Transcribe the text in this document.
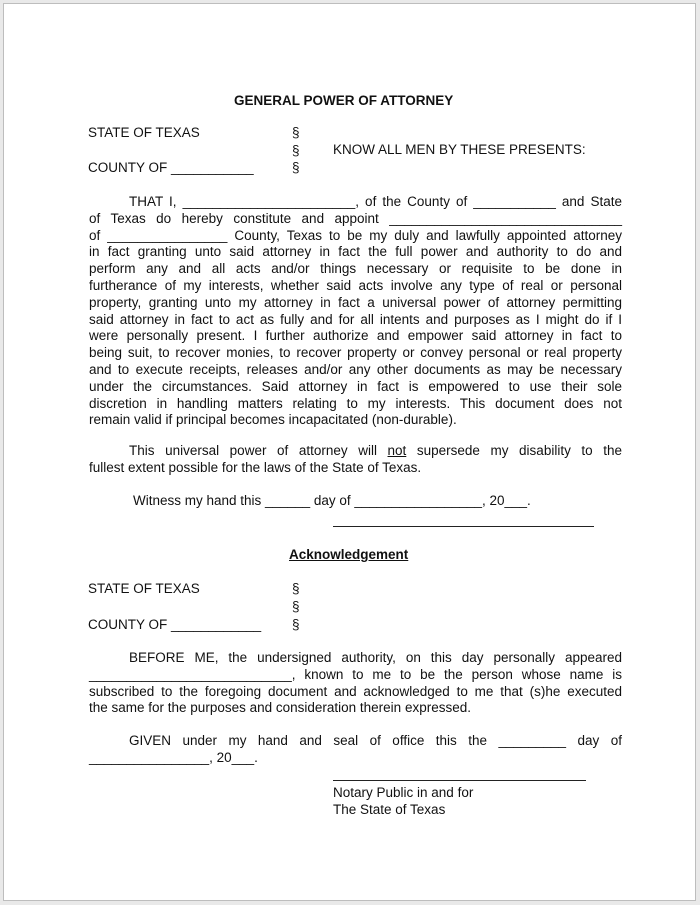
GENERAL POWER OF ATTORNEY
STATE OF TEXAS
COUNTY OF ___________
§
§
§
KNOW ALL MEN BY THESE PRESENTS:
THAT I, _______________________, of the County of ___________ and State
of Texas do hereby constitute and appoint _______________________________
of ________________ County, Texas to be my duly and lawfully appointed attorney
in fact granting unto said attorney in fact the full power and authority to do and
perform any and all acts and/or things necessary or requisite to be done in
furtherance of my interests, whether said acts involve any type of real or personal
property, granting unto my attorney in fact a universal power of attorney permitting
said attorney in fact to act as fully and for all intents and purposes as I might do if I
were personally present. I further authorize and empower said attorney in fact to
being suit, to recover monies, to recover property or convey personal or real property
and to execute receipts, releases and/or any other documents as may be necessary
under the circumstances. Said attorney in fact is empowered to use their sole
discretion in handling matters relating to my interests. This document does not
remain valid if principal becomes incapacitated (non-durable).
This universal power of attorney will not supersede my disability to the
fullest extent possible for the laws of the State of Texas.
Witness my hand this ______ day of _________________, 20___.
Acknowledgement
STATE OF TEXAS
COUNTY OF ____________
§
§
§
BEFORE ME, the undersigned authority, on this day personally appeared
___________________________, known to me to be the person whose name is
subscribed to the foregoing document and acknowledged to me that (s)he executed
the same for the purposes and consideration therein expressed.
GIVEN under my hand and seal of office this the _________ day of
________________, 20___.
Notary Public in and for
The State of Texas
